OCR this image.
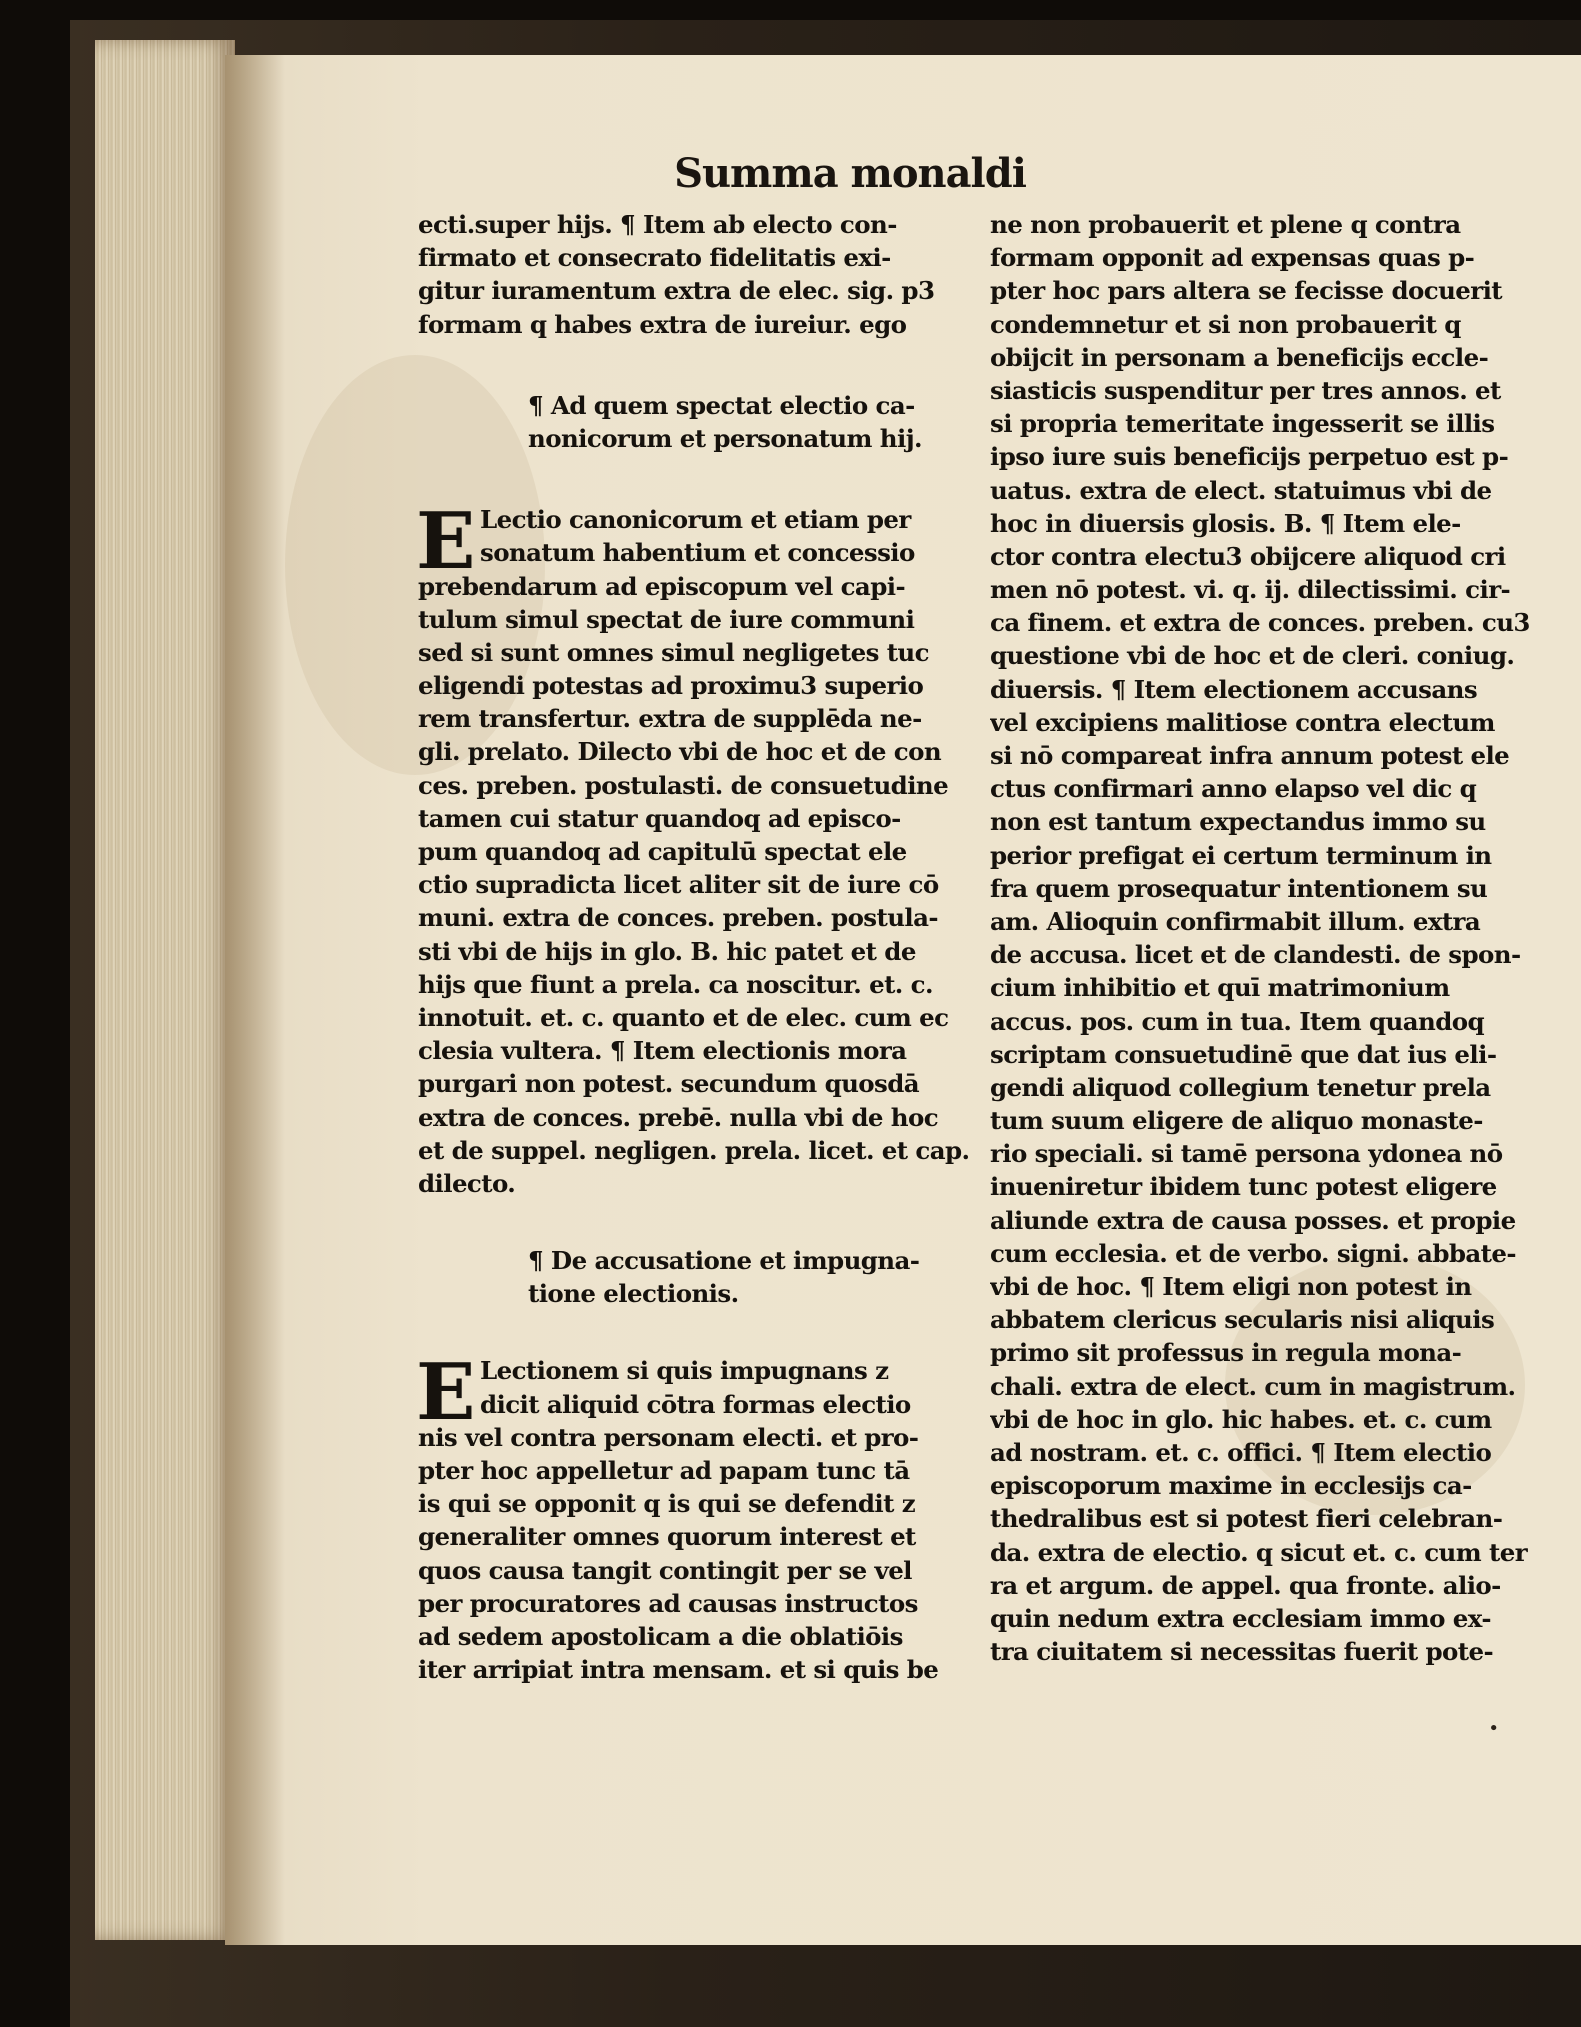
Summa monaldi
ecti.super hijs. ¶ Item ab electo con-
firmato et consecrato fidelitatis exi-
gitur iuramentum extra de elec. sig. p3
formam q habes extra de iureiur. ego
¶ Ad quem spectat electio ca-
nonicorum et personatum hij.
E Lectio canonicorum et etiam per
sonatum habentium et concessio
prebendarum ad episcopum vel capi-
tulum simul spectat de iure communi
sed si sunt omnes simul negligetes tuc
eligendi potestas ad proximu3 superio
rem transfertur. extra de supplēda ne-
gli. prelato. Dilecto vbi de hoc et de con
ces. preben. postulasti. de consuetudine
tamen cui statur quandoq ad episco-
pum quandoq ad capitulū spectat ele
ctio supradicta licet aliter sit de iure cō
muni. extra de conces. preben. postula-
sti vbi de hijs in glo. B. hic patet et de
hijs que fiunt a prela. ca noscitur. et. c.
innotuit. et. c. quanto et de elec. cum ec
clesia vultera. ¶ Item electionis mora
purgari non potest. secundum quosdā
extra de conces. prebē. nulla vbi de hoc
et de suppel. negligen. prela. licet. et cap.
dilecto.
¶ De accusatione et impugna-
tione electionis.
E Lectionem si quis impugnans z
dicit aliquid cōtra formas electio
nis vel contra personam electi. et pro-
pter hoc appelletur ad papam tunc tā
is qui se opponit q is qui se defendit z
generaliter omnes quorum interest et
quos causa tangit contingit per se vel
per procuratores ad causas instructos
ad sedem apostolicam a die oblatiōis
iter arripiat intra mensam. et si quis be
ne non probauerit et plene q contra
formam opponit ad expensas quas p-
pter hoc pars altera se fecisse docuerit
condemnetur et si non probauerit q
obijcit in personam a beneficijs eccle-
siasticis suspenditur per tres annos. et
si propria temeritate ingesserit se illis
ipso iure suis beneficijs perpetuo est p-
uatus. extra de elect. statuimus vbi de
hoc in diuersis glosis. B. ¶ Item ele-
ctor contra electu3 obijcere aliquod cri
men nō potest. vi. q. ij. dilectissimi. cir-
ca finem. et extra de conces. preben. cu3
questione vbi de hoc et de cleri. coniug.
diuersis. ¶ Item electionem accusans
vel excipiens malitiose contra electum
si nō compareat infra annum potest ele
ctus confirmari anno elapso vel dic q
non est tantum expectandus immo su
perior prefigat ei certum terminum in
fra quem prosequatur intentionem su
am. Alioquin confirmabit illum. extra
de accusa. licet et de clandesti. de spon-
cium inhibitio et quī matrimonium
accus. pos. cum in tua. Item quandoq
scriptam consuetudinē que dat ius eli-
gendi aliquod collegium tenetur prela
tum suum eligere de aliquo monaste-
rio speciali. si tamē persona ydonea nō
inueniretur ibidem tunc potest eligere
aliunde extra de causa posses. et propie
cum ecclesia. et de verbo. signi. abbate-
vbi de hoc. ¶ Item eligi non potest in
abbatem clericus secularis nisi aliquis
primo sit professus in regula mona-
chali. extra de elect. cum in magistrum.
vbi de hoc in glo. hic habes. et. c. cum
ad nostram. et. c. offici. ¶ Item electio
episcoporum maxime in ecclesijs ca-
thedralibus est si potest fieri celebran-
da. extra de electio. q sicut et. c. cum ter
ra et argum. de appel. qua fronte. alio-
quin nedum extra ecclesiam immo ex-
tra ciuitatem si necessitas fuerit pote-
•
